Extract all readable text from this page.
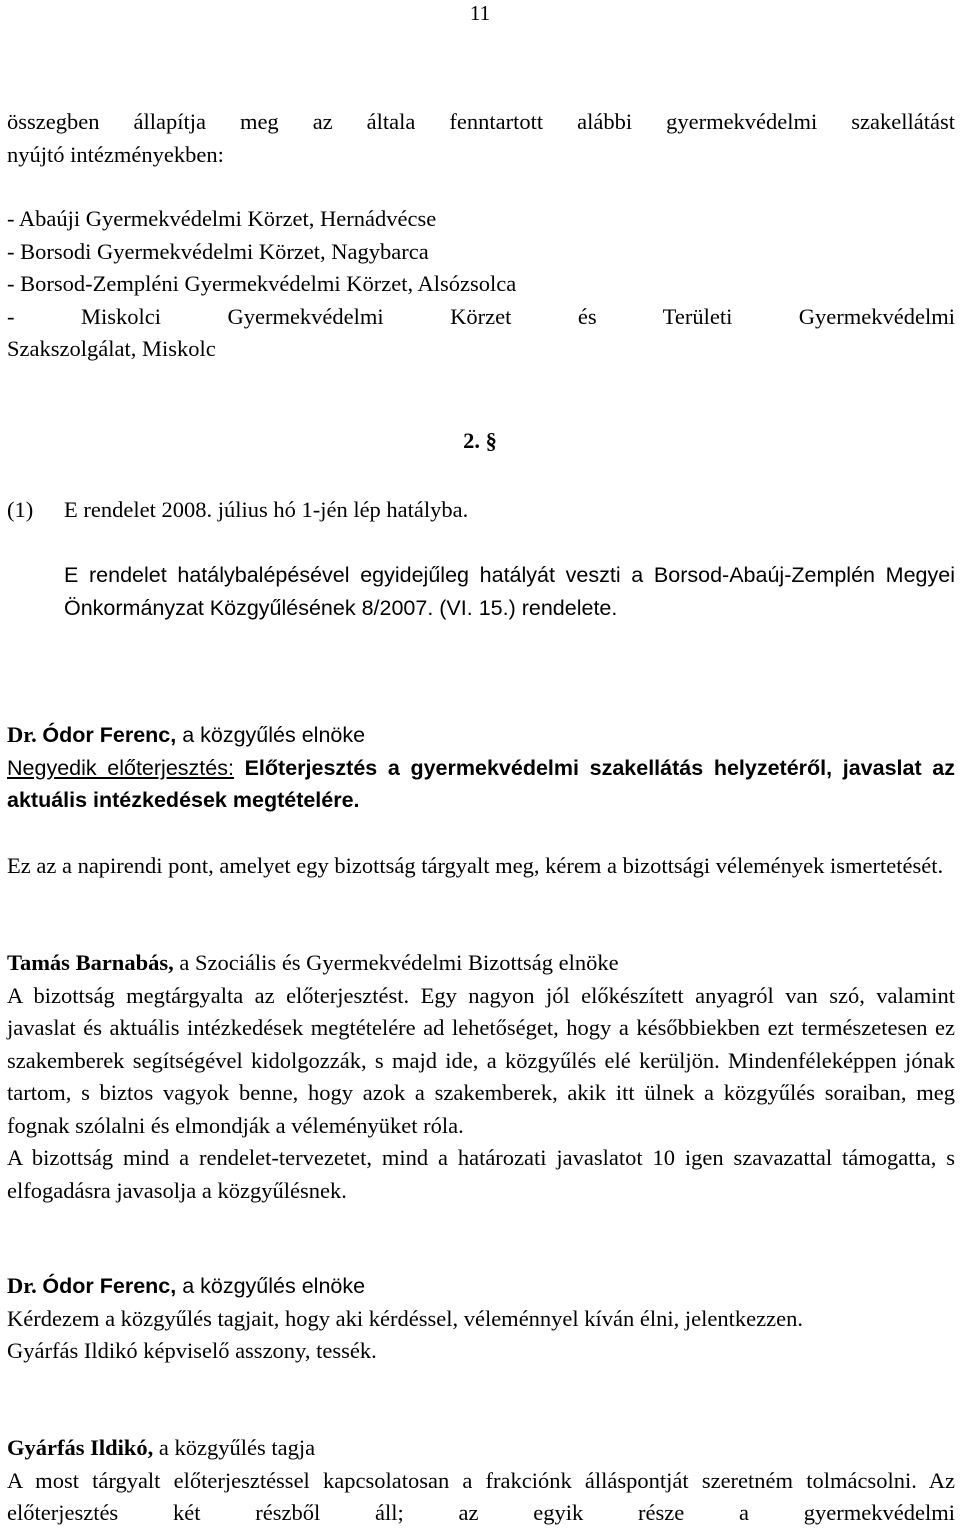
11

összegben állapítja meg az általa fenntartott alábbi gyermekvédelmi szakellátást

nyújtó intézményekben:

- Abaúji Gyermekvédelmi Körzet, Hernádvécse
- Borsodi Gyermekvédelmi Körzet, Nagybarca
- Borsod-Zempléni Gyermekvédelmi Körzet, Alsózsolca
- Miskolci Gyermekvédelmi Körzet és Területi Gyermekvédelmi
Szakszolgálat, Miskolc
2. §

(1) E rendelet 2008. július hó 1-jén lép hatályba.

E rendelet hatálybalépésével egyidejűleg hatályát veszti a Borsod-Abaúj-Zemplén Megyei Önkormányzat Közgyűlésének 8/2007. (VI. 15.) rendelete.

Dr. Ódor Ferenc, a közgyűlés elnöke

Negyedik előterjesztés: Előterjesztés a gyermekvédelmi szakellátás helyzetéről, javaslat az aktuális intézkedések megtételére.

Ez az a napirendi pont, amelyet egy bizottság tárgyalt meg, kérem a bizottsági vélemények ismertetését.

Tamás Barnabás, a Szociális és Gyermekvédelmi Bizottság elnöke

A bizottság megtárgyalta az előterjesztést. Egy nagyon jól előkészített anyagról van szó, valamint javaslat és aktuális intézkedések megtételére ad lehetőséget, hogy a későbbiekben ezt természetesen ez szakemberek segítségével kidolgozzák, s majd ide, a közgyűlés elé kerüljön. Mindenféleképpen jónak tartom, s biztos vagyok benne, hogy azok a szakemberek, akik itt ülnek a közgyűlés soraiban, meg fognak szólalni és elmondják a véleményüket róla.

A bizottság mind a rendelet-tervezetet, mind a határozati javaslatot 10 igen szavazattal támogatta, s elfogadásra javasolja a közgyűlésnek.

Dr. Ódor Ferenc, a közgyűlés elnöke

Kérdezem a közgyűlés tagjait, hogy aki kérdéssel, véleménnyel kíván élni, jelentkezzen.

Gyárfás Ildikó képviselő asszony, tessék.

Gyárfás Ildikó, a közgyűlés tagja

A most tárgyalt előterjesztéssel kapcsolatosan a frakciónk álláspontját szeretném tolmácsolni. Az előterjesztés két részből áll; az egyik része a gyermekvédelmi
